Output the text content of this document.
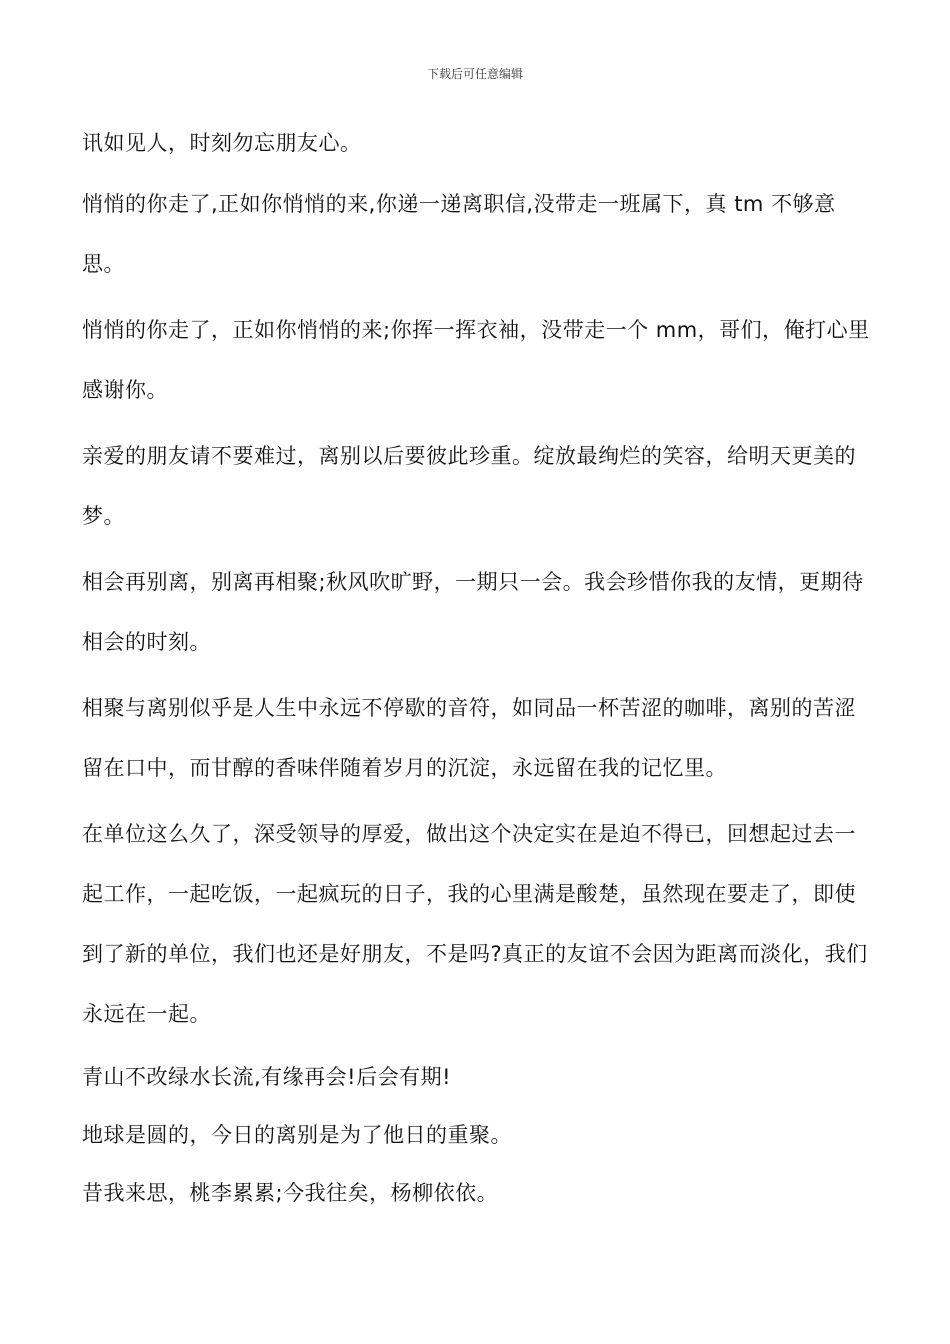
下载后可任意编辑

讯如见人，时刻勿忘朋友心。

悄悄的你走了,正如你悄悄的来,你递一递离职信,没带走一班属下，真 tm 不够意思。

悄悄的你走了，正如你悄悄的来;你挥一挥衣袖，没带走一个 mm，哥们，俺打心里感谢你。

亲爱的朋友请不要难过，离别以后要彼此珍重。绽放最绚烂的笑容，给明天更美的梦。

相会再别离，别离再相聚;秋风吹旷野，一期只一会。我会珍惜你我的友情，更期待相会的时刻。

相聚与离别似乎是人生中永远不停歇的音符，如同品一杯苦涩的咖啡，离别的苦涩留在口中，而甘醇的香味伴随着岁月的沉淀，永远留在我的记忆里。

在单位这么久了，深受领导的厚爱，做出这个决定实在是迫不得已，回想起过去一起工作，一起吃饭，一起疯玩的日子，我的心里满是酸楚，虽然现在要走了，即使到了新的单位，我们也还是好朋友，不是吗?真正的友谊不会因为距离而淡化，我们永远在一起。

青山不改绿水长流,有缘再会!后会有期!

地球是圆的，今日的离别是为了他日的重聚。

昔我来思，桃李累累;今我往矣，杨柳依依。
